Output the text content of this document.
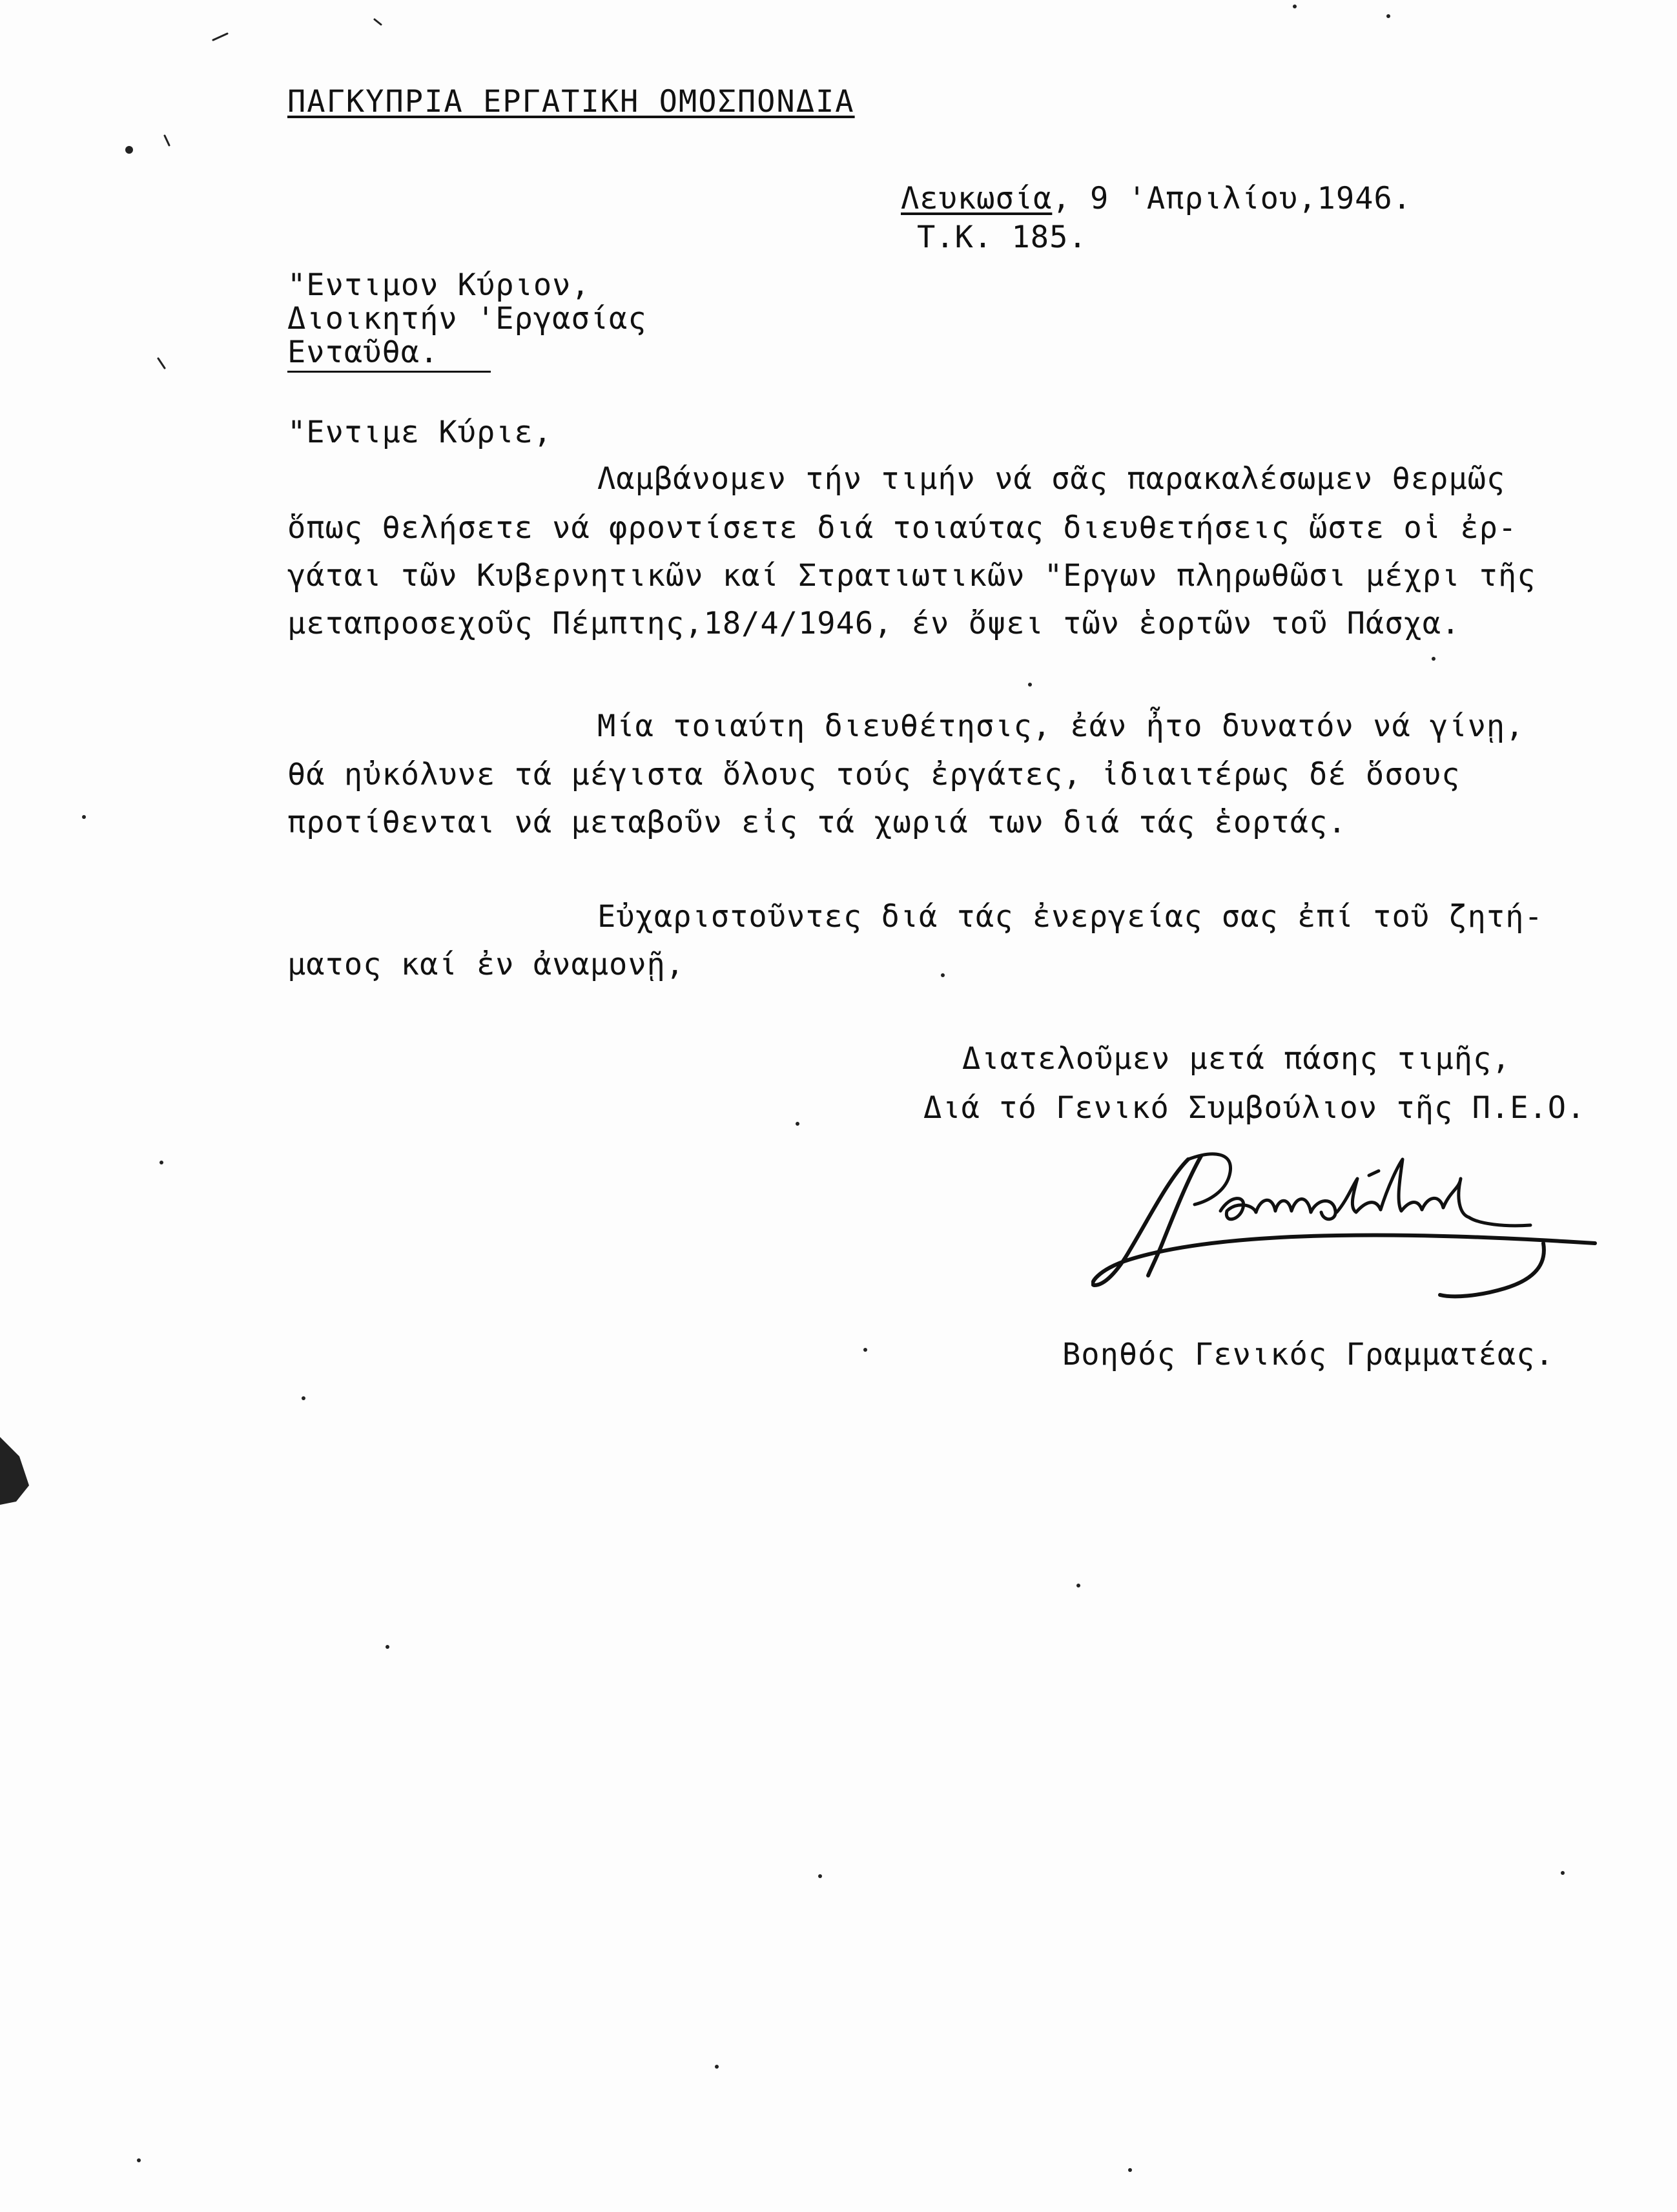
ΠΑΓΚΥΠΡΙΑ ΕΡΓΑΤΙΚΗ ΟΜΟΣΠΟΝΔΙΑ
Λευκωσία, 9 'Απριλίου,1946.
Τ.Κ. 185.
"Εντιμον Κύριον,
Διοικητήν 'Εργασίας
Ενταῦθα.
"Εντιμε Κύριε,
Λαμβάνομεν τήν τιμήν νά σᾶς παρακαλέσωμεν θερμῶς
ὅπως θελήσετε νά φροντίσετε διά τοιαύτας διευθετήσεις ὥστε οἱ ἐρ-
γάται τῶν Κυβερνητικῶν καί Στρατιωτικῶν "Εργων πληρωθῶσι μέχρι τῆς
μεταπροσεχοῦς Πέμπτης,18/4/1946, έν ὄψει τῶν ἑορτῶν τοῦ Πάσχα.
Μία τοιαύτη διευθέτησις, ἐάν ἦτο δυνατόν νά γίνῃ,
θά ηὐκόλυνε τά μέγιστα ὅλους τούς ἐργάτες, ἰδιαιτέρως δέ ὅσους
προτίθενται νά μεταβοῦν εἰς τά χωριά των διά τάς ἑορτάς.
Εὐχαριστοῦντες διά τάς ἐνεργείας σας ἐπί τοῦ ζητή-
ματος καί ἐν ἀναμονῇ,
Διατελοῦμεν μετά πάσης τιμῆς,
Διά τό Γενικό Συμβούλιον τῆς Π.Ε.Ο.
Βοηθός Γενικός Γραμματέας.
